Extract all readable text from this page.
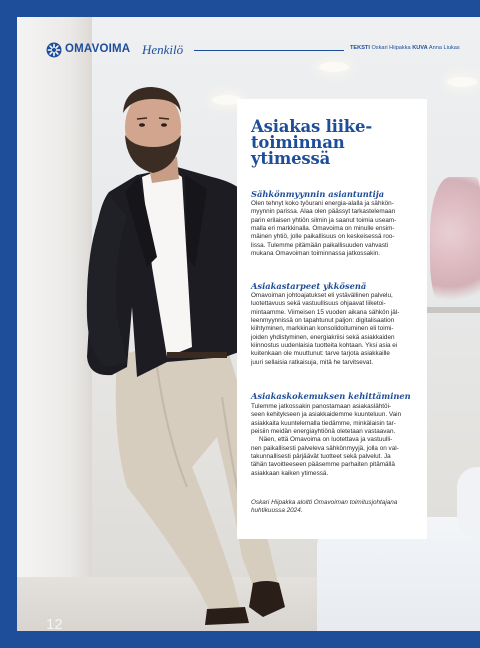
12
OMAVOIMA Henkilö	TEKSTI Oskari Hiipakka KUVA Anna Liukas

Asiakas liike-

toiminnan

ytimessä

Sähkönmyynnin asiantuntija

Olen tehnyt koko työurani energia-alalla ja sähkön-

myynnin parissa. Alaa olen päässyt tarkastelemaan

parin erilaisen yhtiön silmin ja saanut toimia useam-

malla eri markkinalla. Omavoima on minulle ensim-

mäinen yhtiö, jolle paikallisuus on keskeisessä roo-

lissa. Tulemme pitämään paikallisuuden vahvasti

mukana Omavoiman toiminnassa jatkossakin.

Asiakastarpeet ykkösenä

Omavoiman johtoajatukset eli ystävällinen palvelu,

luotettavuus sekä vastuullisuus ohjaavat liiketoi-

mintaamme. Viimeisen 15 vuoden aikana sähkön jäl-

leenmyynnissä on tapahtunut paljon: digitalisaation

kiihtyminen, markkinan konsolidoituminen eli toimi-

joiden yhdistyminen, energiakriisi sekä asiakkaiden

kiinnostus uudenlaisia tuotteita kohtaan. Yksi asia ei

kuitenkaan ole muuttunut: tarve tarjota asiakkaille

juuri sellaisia ratkaisuja, mitä he tarvitsevat.

Asiakaskokemuksen kehittäminen

Tulemme jatkossakin panostamaan asiakaslähtöi-

seen kehitykseen ja asiakkaidemme kuunteluun. Vain

asiakkaita kuuntelemalla tiedämme, minkälaisin tar-

peisiin meidän energiayhtiönä oletetaan vastaavan.

Näen, että Omavoima on luotettava ja vastuulli-

nen paikallisesti palveleva sähkönmyyjä, jolla on val-

takunnallisesti pärjäävät tuotteet sekä palvelut. Ja

tähän tavoitteeseen pääsemme parhaiten pitämällä

asiakkaan kaiken ytimessä.

Oskari Hiipakka aloitti Omavoiman toimitusjohtajana

huhtikuussa 2024.
